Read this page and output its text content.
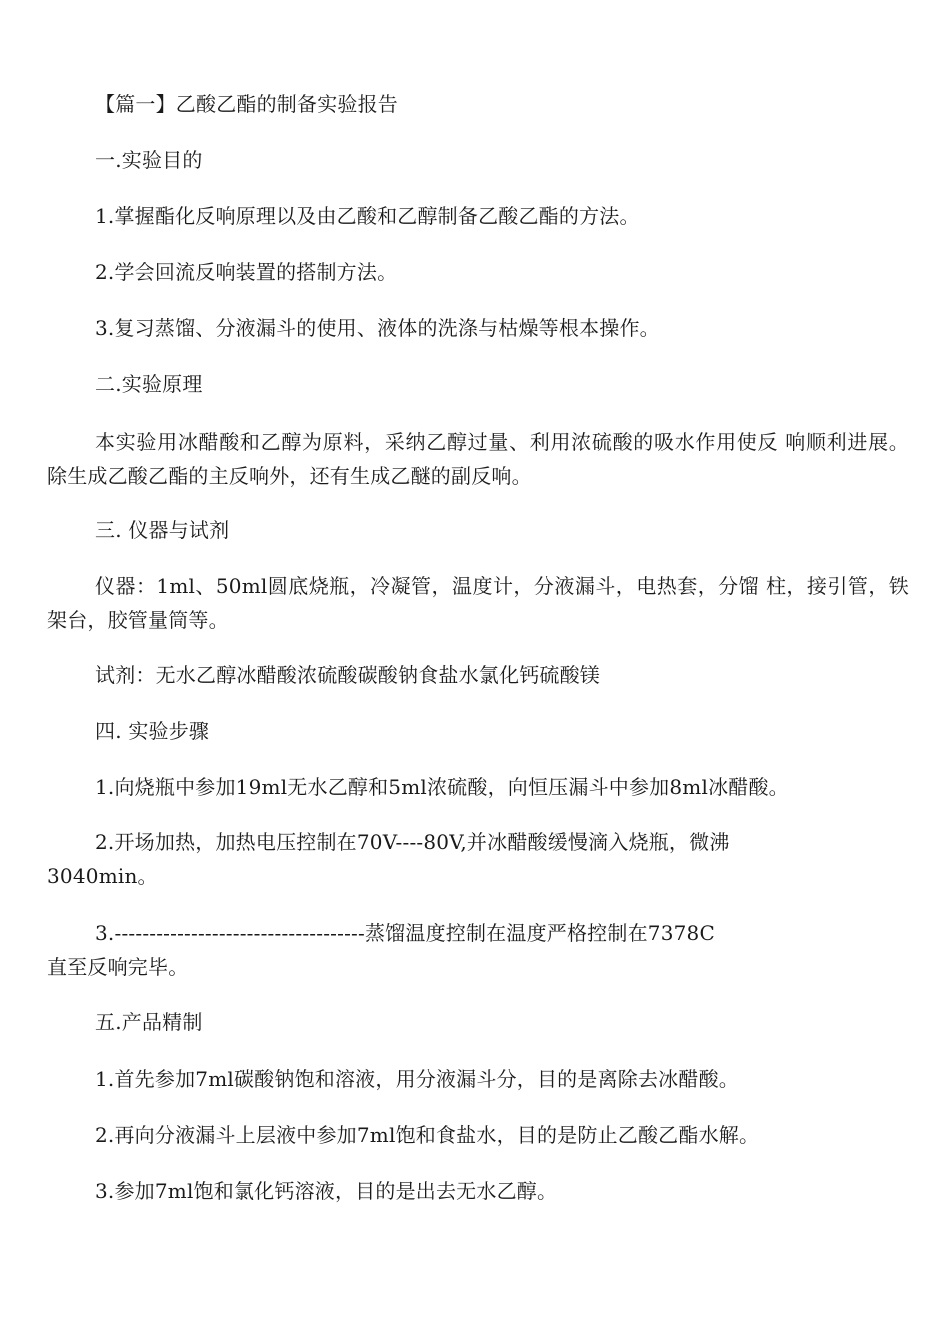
【篇一】乙酸乙酯的制备实验报告
一.实验目的
1.掌握酯化反响原理以及由乙酸和乙醇制备乙酸乙酯的方法。
2.学会回流反响装置的搭制方法。
3.复习蒸馏、分液漏斗的使用、液体的洗涤与枯燥等根本操作。
二.实验原理
本实验用冰醋酸和乙醇为原料，采纳乙醇过量、利用浓硫酸的吸水作用使反 响顺利进展。除生成乙酸乙酯的主反响外，还有生成乙醚的副反响。
三. 仪器与试剂
仪器：1ml、50ml圆底烧瓶，冷凝管，温度计，分液漏斗，电热套，分馏 柱，接引管，铁架台，胶管量筒等。
试剂：无水乙醇冰醋酸浓硫酸碳酸钠食盐水氯化钙硫酸镁
四. 实验步骤
1.向烧瓶中参加19ml无水乙醇和5ml浓硫酸，向恒压漏斗中参加8ml冰醋酸。
2.开场加热，加热电压控制在70V----80V,并冰醋酸缓慢滴入烧瓶，微沸
3040min。
3.------------------------------------蒸馏温度控制在温度严格控制在7378C
直至反响完毕。
五.产品精制
1.首先参加7ml碳酸钠饱和溶液，用分液漏斗分，目的是离除去冰醋酸。
2.再向分液漏斗上层液中参加7ml饱和食盐水，目的是防止乙酸乙酯水解。
3.参加7ml饱和氯化钙溶液，目的是出去无水乙醇。
